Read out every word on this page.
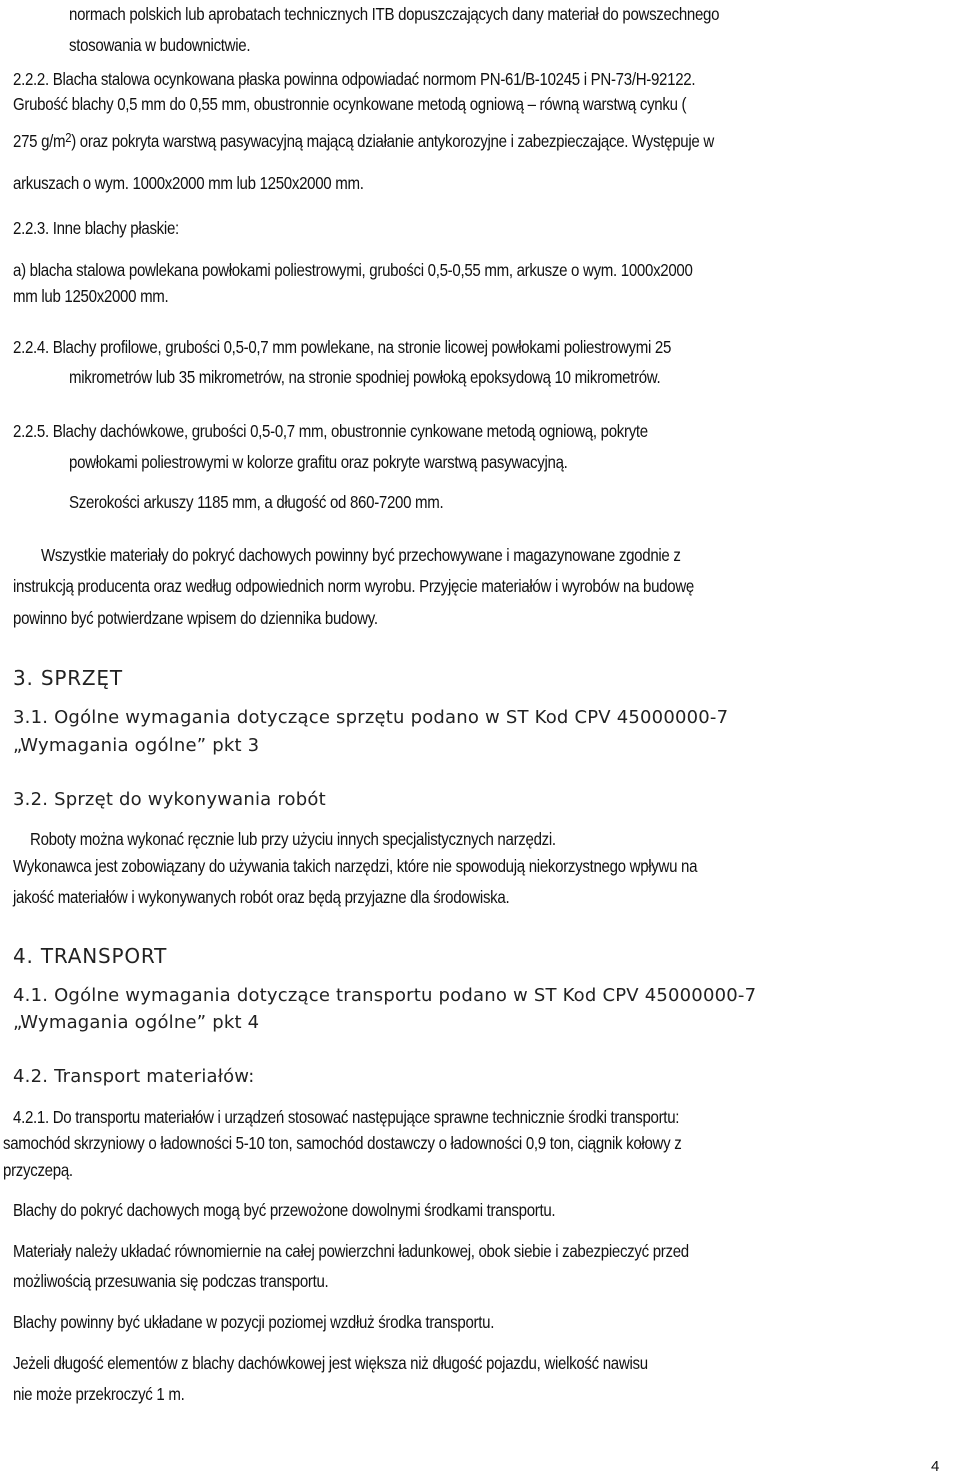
normach polskich lub aprobatach technicznych ITB dopuszczających dany materiał do powszechnego
stosowania w budownictwie.
2.2.2. Blacha stalowa ocynkowana płaska powinna odpowiadać normom PN-61/B-10245 i PN-73/H-92122.
Grubość blachy 0,5 mm do 0,55 mm, obustronnie ocynkowane metodą ogniową – równą warstwą cynku (
275 $g/m^2$) oraz pokryta warstwą pasywacyjną mającą działanie antykorozyjne i zabezpieczające. Występuje w
arkuszach o wym. 1000x2000 mm lub 1250x2000 mm.
2.2.3. Inne blachy płaskie:
a) blacha stalowa powlekana powłokami poliestrowymi, grubości 0,5-0,55 mm, arkusze o wym. 1000x2000
mm lub 1250x2000 mm.
2.2.4. Blachy profilowe, grubości 0,5-0,7 mm powlekane, na stronie licowej powłokami poliestrowymi 25
mikrometrów lub 35 mikrometrów, na stronie spodniej powłoką epoksydową 10 mikrometrów.
2.2.5. Blachy dachówkowe, grubości 0,5-0,7 mm, obustronnie cynkowane metodą ogniową, pokryte
powłokami poliestrowymi w kolorze grafitu oraz pokryte warstwą pasywacyjną.
Szerokości arkuszy 1185 mm, a długość od 860-7200 mm.
Wszystkie materiały do pokryć dachowych powinny być przechowywane i magazynowane zgodnie z
instrukcją producenta oraz według odpowiednich norm wyrobu. Przyjęcie materiałów i wyrobów na budowę
powinno być potwierdzane wpisem do dziennika budowy.
3. SPRZĘT
3.1. Ogólne wymagania dotyczące sprzętu podano w ST Kod CPV 45000000-7
„Wymagania ogólne” pkt 3
3.2. Sprzęt do wykonywania robót
Roboty można wykonać ręcznie lub przy użyciu innych specjalistycznych narzędzi.
Wykonawca jest zobowiązany do używania takich narzędzi, które nie spowodują niekorzystnego wpływu na
jakość materiałów i wykonywanych robót oraz będą przyjazne dla środowiska.
4. TRANSPORT
4.1. Ogólne wymagania dotyczące transportu podano w ST Kod CPV 45000000-7
„Wymagania ogólne” pkt 4
4.2. Transport materiałów:
4.2.1. Do transportu materiałów i urządzeń stosować następujące sprawne technicznie środki transportu:
samochód skrzyniowy o ładowności 5-10 ton, samochód dostawczy o ładowności 0,9 ton, ciągnik kołowy z
przyczepą.
Blachy do pokryć dachowych mogą być przewożone dowolnymi środkami transportu.
Materiały należy układać równomiernie na całej powierzchni ładunkowej, obok siebie i zabezpieczyć przed
możliwością przesuwania się podczas transportu.
Blachy powinny być układane w pozycji poziomej wzdłuż środka transportu.
Jeżeli długość elementów z blachy dachówkowej jest większa niż długość pojazdu, wielkość nawisu
nie może przekroczyć 1 m.
4
